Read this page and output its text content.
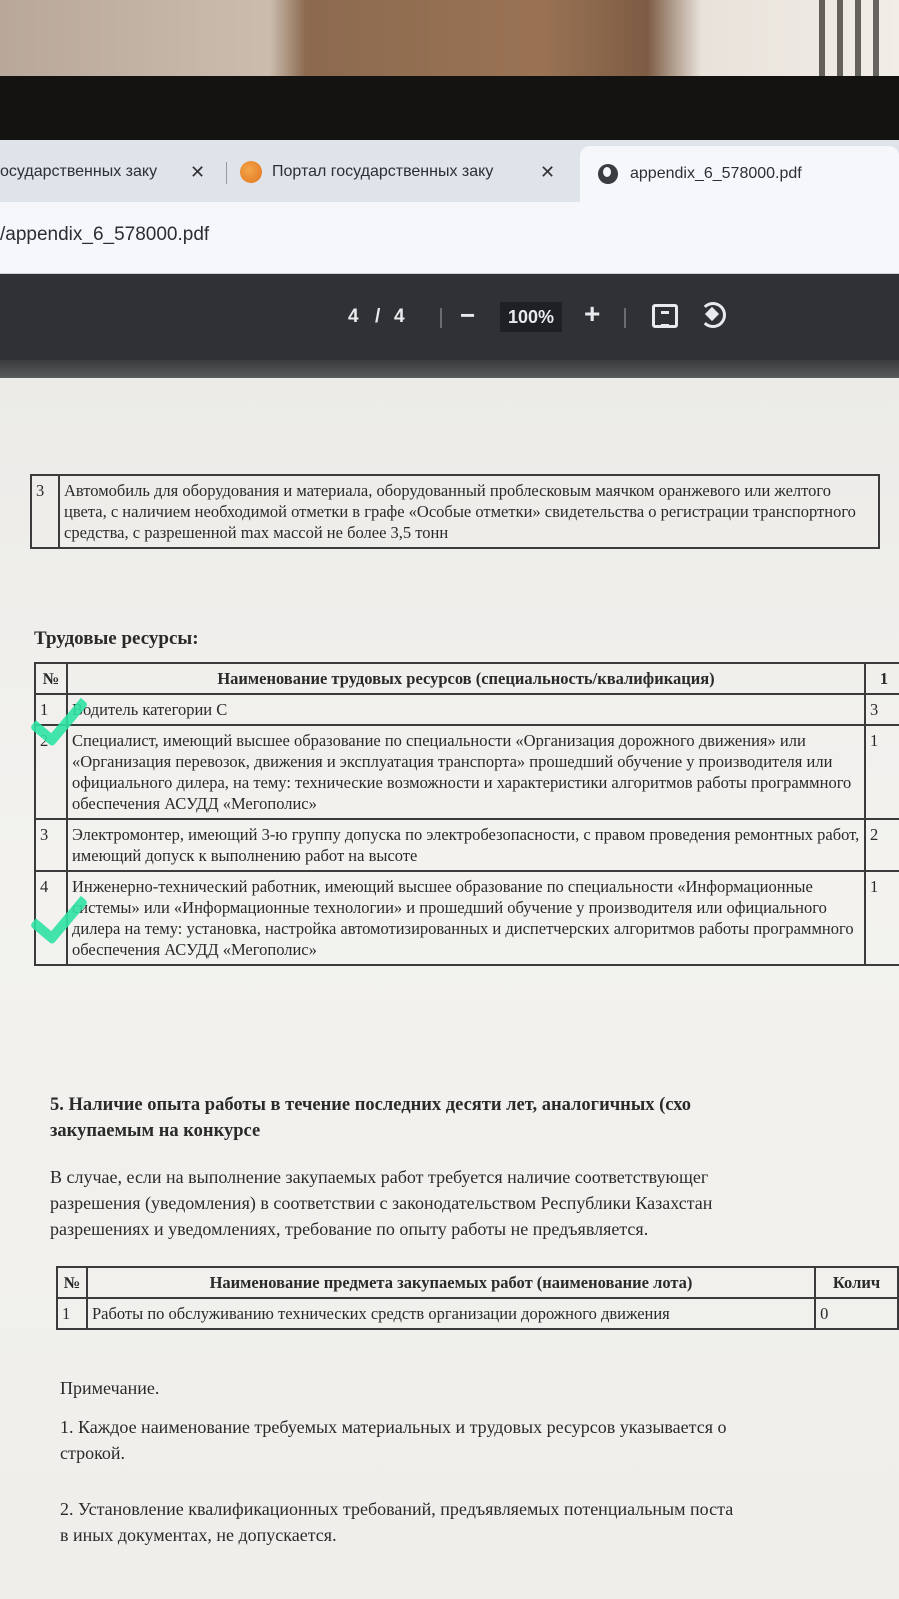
осударственных заку	✕	Портал государственных заку	✕	appendix_6_578000.pdf
/appendix_6_578000.pdf
4 / 4 −	100% +
3	Автомобиль для оборудования и материала, оборудованный проблесковым маячком оранжевого или желтого цвета, с наличием необходимой отметки в графе «Особые отметки» свидетельства о регистрации транспортного средства, с разрешенной max массой не более 3,5 тонн
Трудовые ресурсы:
№	Наименование трудовых ресурсов (специальность/квалификация)	1
1	Водитель категории С	3
2	Специалист, имеющий высшее образование по специальности «Организация дорожного движения» или «Организация перевозок, движения и эксплуатация транспорта» прошедший обучение у производителя или официального дилера, на тему: технические возможности и характеристики алгоритмов работы программного обеспечения АСУДД «Мегополис»	1
3	Электромонтер, имеющий 3-ю группу допуска по электробезопасности, с правом проведения ремонтных работ, имеющий допуск к выполнению работ на высоте	2
4	Инженерно-технический работник, имеющий высшее образование по специальности «Информационные системы» или «Информационные технологии» и прошедший обучение у производителя или официального дилера на тему: установка, настройка автомотизированных и диспетчерских алгоритмов работы программного обеспечения АСУДД «Мегополис»	1
5. Наличие опыта работы в течение последних десяти лет, аналогичных (схо
закупаемым на конкурсе
В случае, если на выполнение закупаемых работ требуется наличие соответствующег
разрешения (уведомления) в соответствии с законодательством Республики Казахстан
разрешениях и уведомлениях, требование по опыту работы не предъявляется.
№	Наименование предмета закупаемых работ (наименование лота)	Колич
1	Работы по обслуживанию технических средств организации дорожного движения	0
Примечание.
1. Каждое наименование требуемых материальных и трудовых ресурсов указывается о
строкой.
2. Установление квалификационных требований, предъявляемых потенциальным поста
в иных документах, не допускается.
